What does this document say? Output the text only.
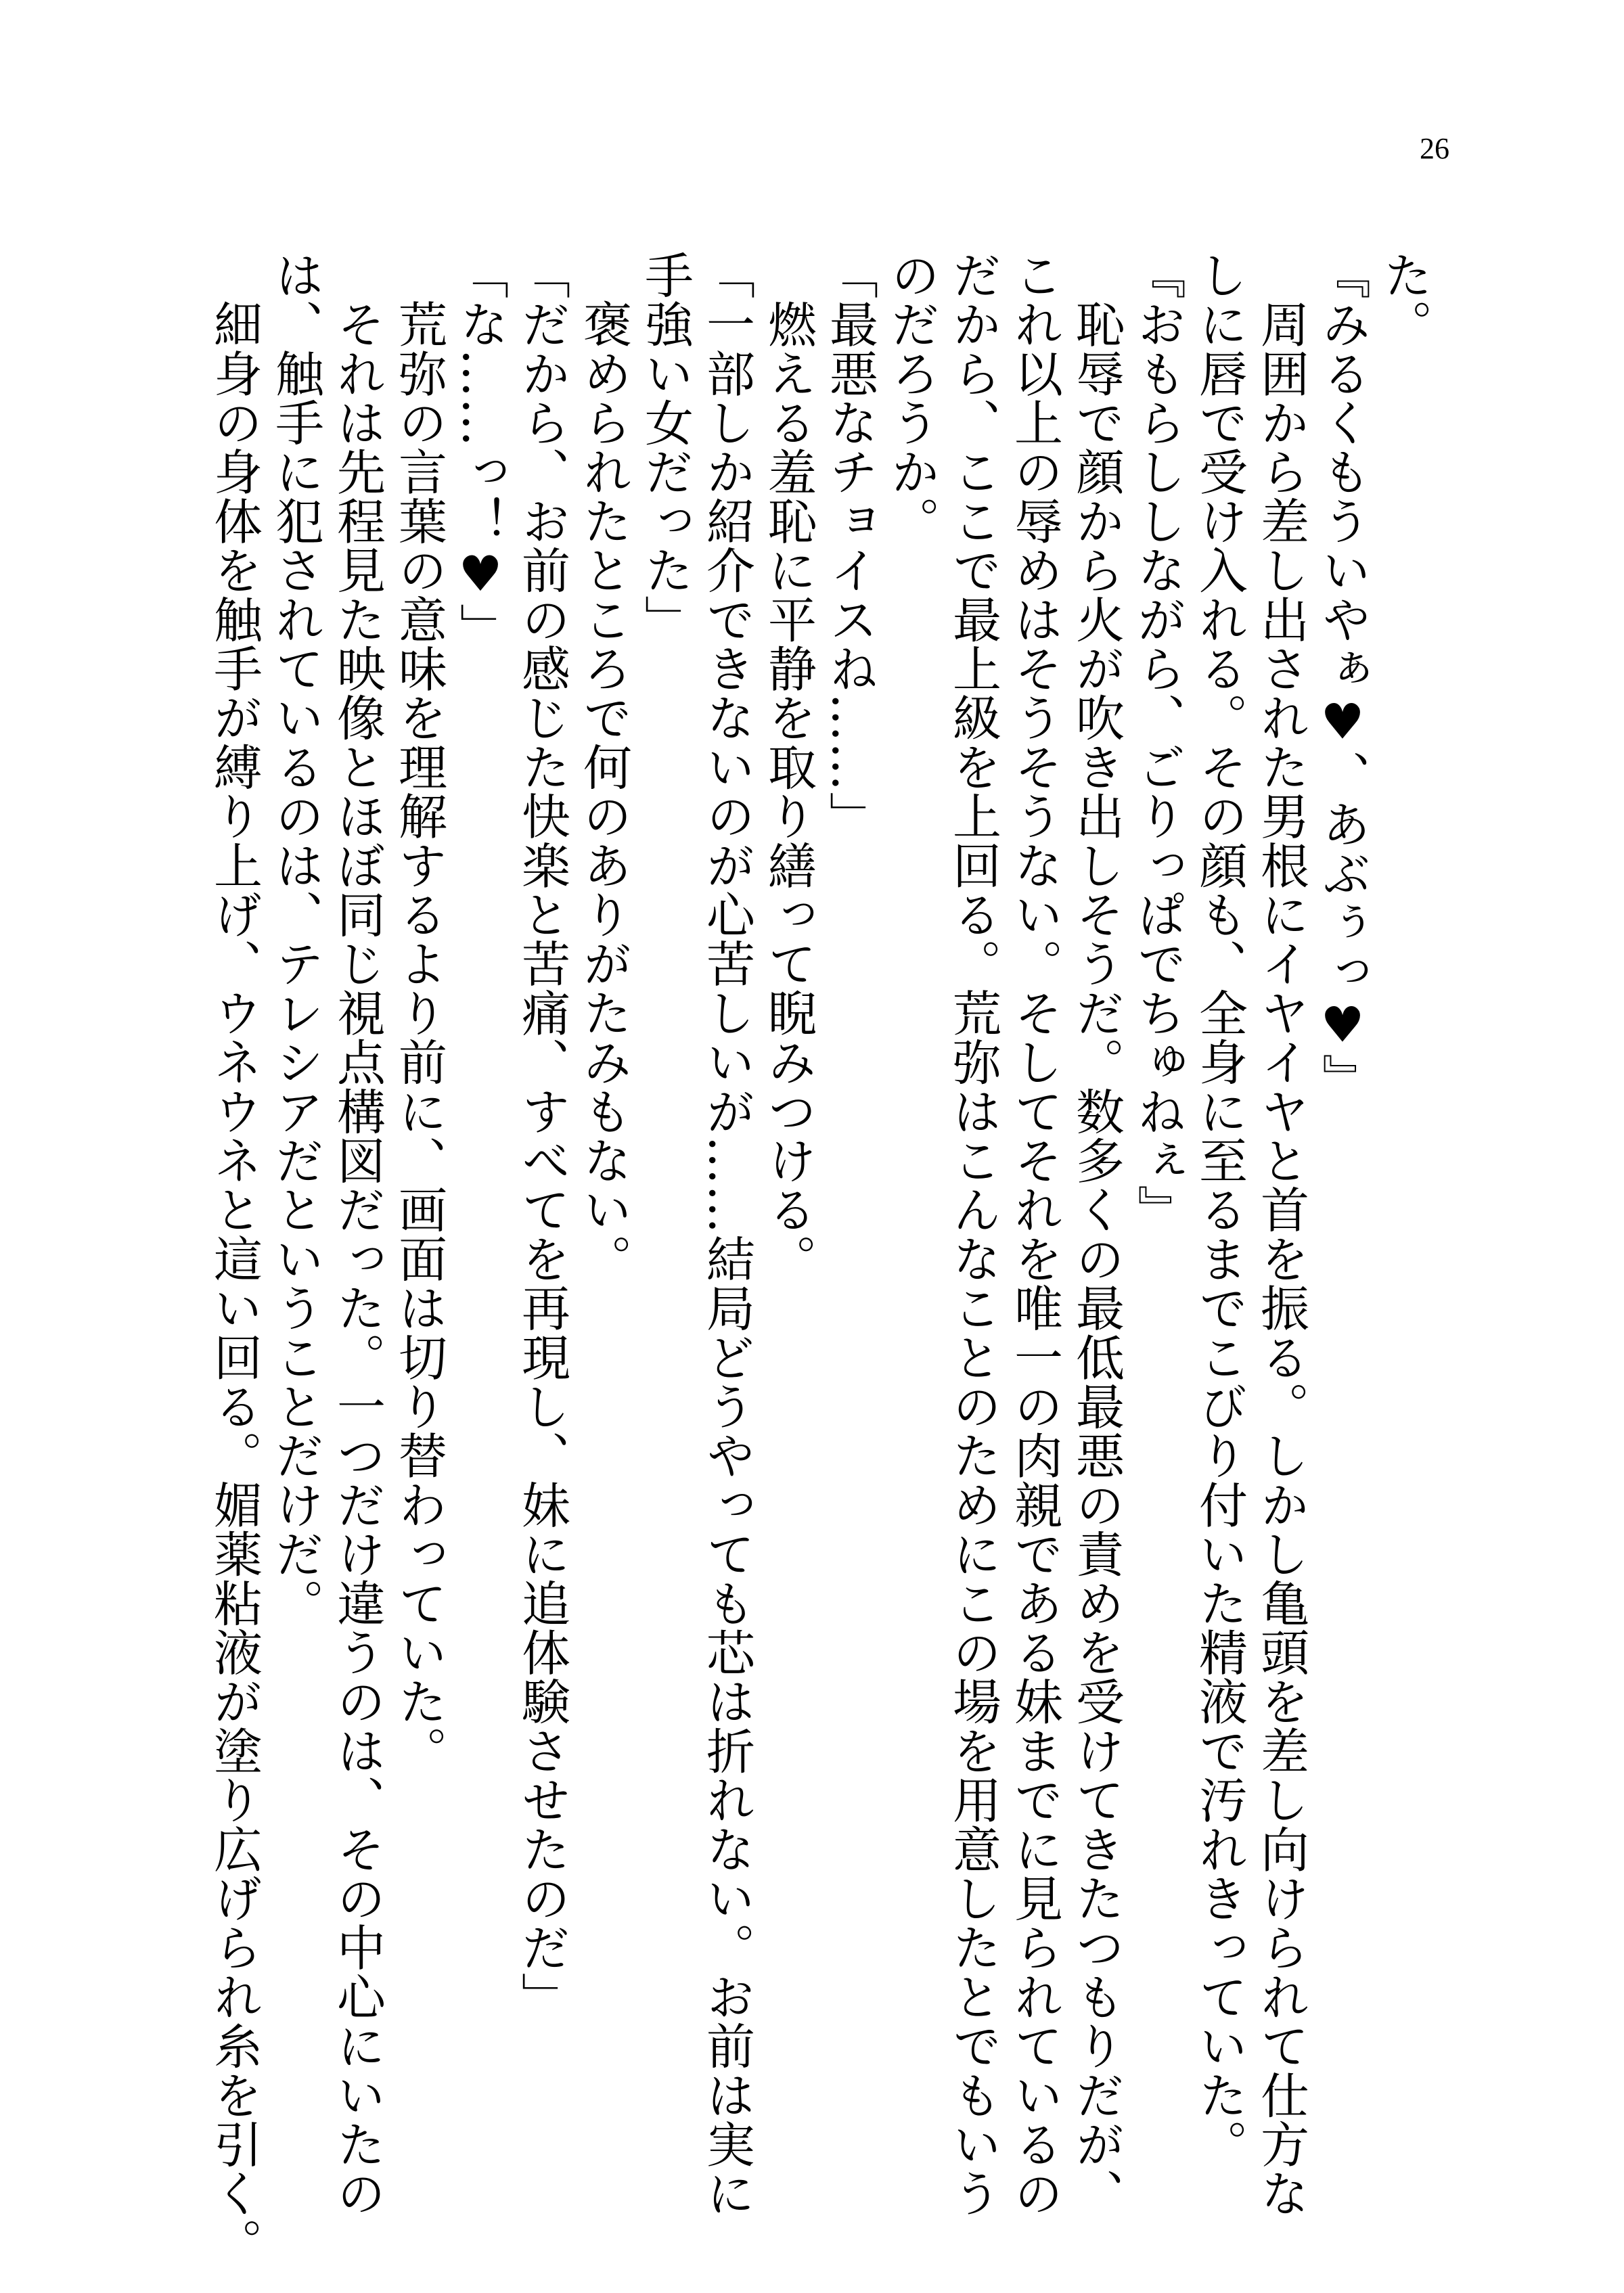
26
た。
『みるくもういやぁ♥、あぶぅっ♥』
　周囲から差し出された男根にイヤイヤと首を振る。しかし亀頭を差し向けられて仕方な
しに唇で受け入れる。その顔も、全身に至るまでこびり付いた精液で汚れきっていた。
『おもらししながら、ごりっぱでちゅねぇ』
　恥辱で顔から火が吹き出しそうだ。数多くの最低最悪の責めを受けてきたつもりだが、
これ以上の辱めはそうそうない。そしてそれを唯一の肉親である妹までに見られているの
だから、ここで最上級を上回る。荒弥はこんなことのためにこの場を用意したとでもいう
のだろうか。
「最悪なチョイスね……」
　燃える羞恥に平静を取り繕って睨みつける。
「一部しか紹介できないのが心苦しいが……結局どうやっても芯は折れない。お前は実に
手強い女だった」
　褒められたところで何のありがたみもない。
「だから、お前の感じた快楽と苦痛、すべてを再現し、妹に追体験させたのだ」
「な……っ！♥」
　荒弥の言葉の意味を理解するより前に、画面は切り替わっていた。
　それは先程見た映像とほぼ同じ視点構図だった。一つだけ違うのは、その中心にいたの
は、触手に犯されているのは、テレシアだということだけだ。
　細身の身体を触手が縛り上げ、ウネウネと這い回る。媚薬粘液が塗り広げられ糸を引く。
